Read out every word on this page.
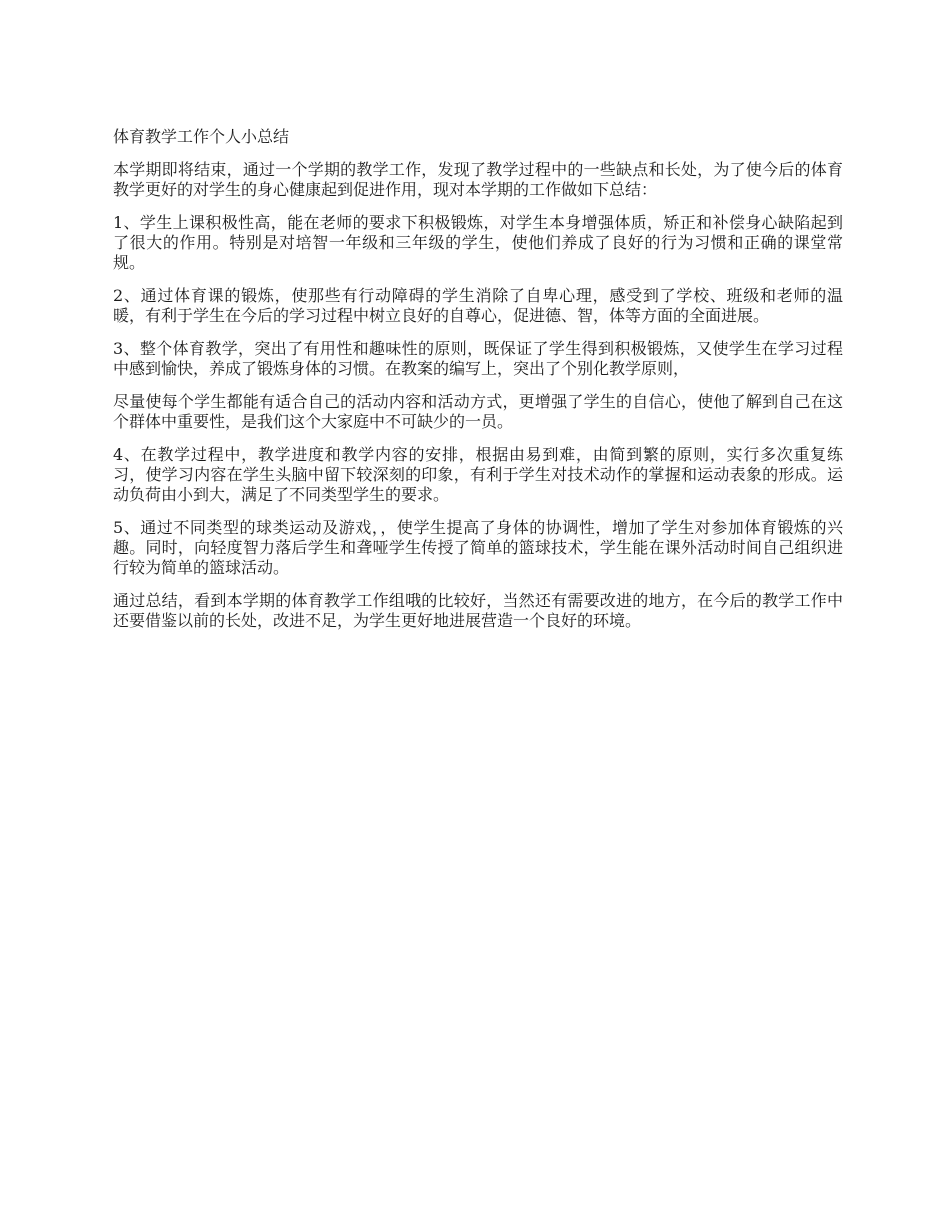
体育教学工作个人小总结

本学期即将结束，通过一个学期的教学工作，发现了教学过程中的一些缺点和长处，为了使今后的体育教学更好的对学生的身心健康起到促进作用，现对本学期的工作做如下总结：

1、学生上课积极性高，能在老师的要求下积极锻炼，对学生本身增强体质，矫正和补偿身心缺陷起到了很大的作用。特别是对培智一年级和三年级的学生，使他们养成了良好的行为习惯和正确的课堂常规。

2、通过体育课的锻炼，使那些有行动障碍的学生消除了自卑心理，感受到了学校、班级和老师的温暖，有利于学生在今后的学习过程中树立良好的自尊心，促进德、智，体等方面的全面进展。

3、整个体育教学，突出了有用性和趣味性的原则，既保证了学生得到积极锻炼，又使学生在学习过程中感到愉快，养成了锻炼身体的习惯。在教案的编写上，突出了个别化教学原则，

尽量使每个学生都能有适合自己的活动内容和活动方式，更增强了学生的自信心，使他了解到自己在这个群体中重要性，是我们这个大家庭中不可缺少的一员。

4、在教学过程中，教学进度和教学内容的安排，根据由易到难，由简到繁的原则，实行多次重复练习，使学习内容在学生头脑中留下较深刻的印象，有利于学生对技术动作的掌握和运动表象的形成。运动负荷由小到大，满足了不同类型学生的要求。

5、通过不同类型的球类运动及游戏，，使学生提高了身体的协调性，增加了学生对参加体育锻炼的兴趣。同时，向轻度智力落后学生和聋哑学生传授了简单的篮球技术，学生能在课外活动时间自己组织进行较为简单的篮球活动。

通过总结，看到本学期的体育教学工作组哦的比较好，当然还有需要改进的地方，在今后的教学工作中还要借鉴以前的长处，改进不足，为学生更好地进展营造一个良好的环境。
